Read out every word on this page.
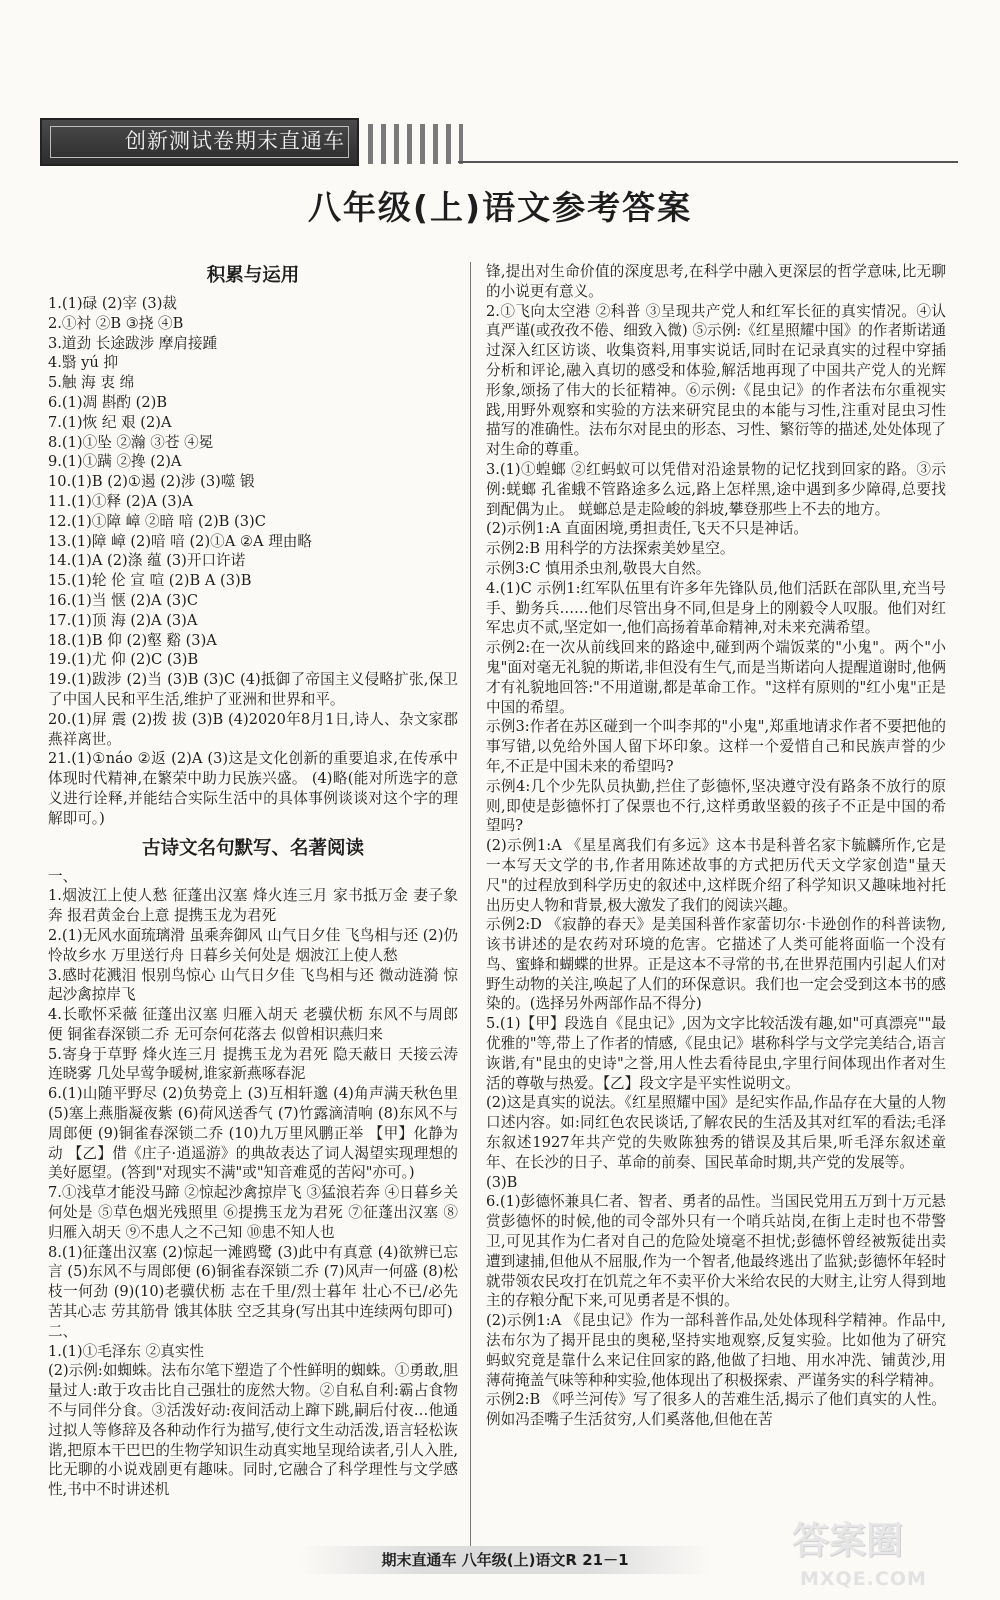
创新测试卷期末直通车
八年级(上)语文参考答案
积累与运用
1.(1)碌 (2)宰 (3)裁
2.①衬 ②B ③挠 ④B
3.道劲 长途跋涉 摩肩接踵
4.翳 yú 抑
5.触 海 衷 绵
6.(1)凋 斟酌 (2)B
7.(1)恢 纪 艰 (2)A
8.(1)①坠 ②瀚 ③苍 ④冕
9.(1)①蹒 ②搀 (2)A
10.(1)B (2)①遏 (2)涉 (3)噬 锻
11.(1)①释 (2)A (3)A
12.(1)①障 嶂 ②暗 喑 (2)B (3)C
13.(1)障 嶂 (2)喑 喑 (2)①A ②A 理由略
14.(1)A (2)涤 蕴 (3)开口许诺
15.(1)轮 伦 宣 喧 (2)B A (3)B
16.(1)当 惬 (2)A (3)C
17.(1)顶 海 (2)A (3)A
18.(1)B 仰 (2)壑 谿 (3)A
19.(1)尤 仰 (2)C (3)B
19.(1)跋涉 (2)当 (3)B (3)C (4)抵御了帝国主义侵略扩张,保卫了中国人民和平生活,维护了亚洲和世界和平。
20.(1)屏 震 (2)拨 拔 (3)B (4)2020年8月1日,诗人、杂文家郡燕祥离世。
21.(1)①náo ②返 (2)A (3)这是文化创新的重要追求,在传承中体现时代精神,在繁荣中助力民族兴盛。 (4)略(能对所选字的意义进行诠释,并能结合实际生活中的具体事例谈谈对这个字的理解即可。)
古诗文名句默写、名著阅读
一、
1.烟波江上使人愁 征蓬出汉塞 烽火连三月 家书抵万金 妻子象奔 报君黄金台上意 提携玉龙为君死
2.(1)无风水面琉璃滑 虽乘奔御风 山气日夕佳 飞鸟相与还 (2)仍怜故乡水 万里送行舟 日暮乡关何处是 烟波江上使人愁
3.感时花溅泪 恨别鸟惊心 山气日夕佳 飞鸟相与还 微动涟漪 惊起沙禽掠岸飞
4.长歌怀采薇 征蓬出汉塞 归雁入胡天 老骥伏枥 东风不与周郎便 铜雀春深锁二乔 无可奈何花落去 似曾相识燕归来
5.寄身于草野 烽火连三月 提携玉龙为君死 隐天蔽日 天接云涛连晓雾 几处早莺争暖树,谁家新燕啄春泥
6.(1)山随平野尽 (2)负势竞上 (3)互相轩邈 (4)角声满天秋色里 (5)塞上燕脂凝夜紫 (6)荷风送香气 (7)竹露滴清响 (8)东风不与周郎便 (9)铜雀春深锁二乔 (10)九万里风鹏正举 【甲】化静为动 【乙】借《庄子·逍遥游》的典故表达了词人渴望实现理想的美好愿望。(答到"对现实不满"或"知音难觅的苦闷"亦可。)
7.①浅草才能没马蹄 ②惊起沙禽掠岸飞 ③猛浪若奔 ④日暮乡关何处是 ⑤草色烟光残照里 ⑥提携玉龙为君死 ⑦征蓬出汉塞 ⑧归雁入胡天 ⑨不患人之不己知 ⑩患不知人也
8.(1)征蓬出汉塞 (2)惊起一滩鸥鹭 (3)此中有真意 (4)欲辨已忘言 (5)东风不与周郎便 (6)铜雀春深锁二乔 (7)风声一何盛 (8)松枝一何劲 (9)(10)老骥伏枥 志在千里/烈士暮年 壮心不已/必先苦其心志 劳其筋骨 饿其体肤 空乏其身(写出其中连续两句即可)
二、
1.(1)①毛泽东 ②真实性
(2)示例:如蜘蛛。法布尔笔下塑造了个性鲜明的蜘蛛。①勇敢,胆量过人:敢于攻击比自己强壮的庞然大物。②自私自利:霸占食物不与同伴分食。③活泼好动:夜间活动上蹿下跳,嗣后付夜…他通过拟人等修辞及各种动作行为描写,使行文生动活泼,语言轻松诙谐,把原本干巴巴的生物学知识生动真实地呈现给读者,引人入胜,比无聊的小说戏剧更有趣味。同时,它融合了科学理性与文学感性,书中不时讲述机
锋,提出对生命价值的深度思考,在科学中融入更深层的哲学意味,比无聊的小说更有意义。
2.①飞向太空港 ②科普 ③呈现共产党人和红军长征的真实情况。④认真严谨(或孜孜不倦、细致入微) ⑤示例:《红星照耀中国》的作者斯诺通过深入红区访谈、收集资料,用事实说话,同时在记录真实的过程中穿插分析和评论,融入真切的感受和体验,解活地再现了中国共产党人的光辉形象,颂扬了伟大的长征精神。⑥示例:《昆虫记》的作者法布尔重视实践,用野外观察和实验的方法来研究昆虫的本能与习性,注重对昆虫习性描写的准确性。法布尔对昆虫的形态、习性、繁衍等的描述,处处体现了对生命的尊重。
3.(1)①蝗螂 ②红蚂蚁可以凭借对沿途景物的记忆找到回家的路。③示例:蜣螂 孔雀蛾不管路途多么远,路上怎样黑,途中遇到多少障碍,总要找到配偶为止。 蜣螂总是走险峻的斜坡,攀登那些上不去的地方。
(2)示例1:A 直面困境,勇担责任,飞天不只是神话。
示例2:B 用科学的方法探索美妙星空。
示例3:C 慎用杀虫剂,敬畏大自然。
4.(1)C 示例1:红军队伍里有许多年先锋队员,他们活跃在部队里,充当号手、勤务兵……他们尽管出身不同,但是身上的刚毅令人叹服。他们对红军忠贞不贰,坚定如一,他们高扬着革命精神,对未来充满希望。
示例2:在一次从前线回来的路途中,碰到两个端饭菜的"小鬼"。两个"小鬼"面对毫无礼貌的斯诺,非但没有生气,而是当斯诺向人提醒道谢时,他俩才有礼貌地回答:"不用道谢,都是革命工作。"这样有原则的"红小鬼"正是中国的希望。
示例3:作者在苏区碰到一个叫李邦的"小鬼",郑重地请求作者不要把他的事写错,以免给外国人留下坏印象。这样一个爱惜自己和民族声誉的少年,不正是中国未来的希望吗?
示例4:几个少先队员执勤,拦住了彭德怀,坚决遵守没有路条不放行的原则,即使是彭德怀打了保票也不行,这样勇敢坚毅的孩子不正是中国的希望吗?
(2)示例1:A 《星星离我们有多远》这本书是科普名家卞毓麟所作,它是一本写天文学的书,作者用陈述故事的方式把历代天文学家创造"量天尺"的过程放到科学历史的叙述中,这样既介绍了科学知识又趣味地衬托出历史人物和背景,极大激发了我们的阅读兴趣。
示例2:D 《寂静的春天》是美国科普作家蕾切尔·卡逊创作的科普读物,该书讲述的是农药对环境的危害。它描述了人类可能将面临一个没有鸟、蜜蜂和蝴蝶的世界。正是这本不寻常的书,在世界范围内引起人们对野生动物的关注,唤起了人们的环保意识。我们也一定会受到这本书的感染的。(选择另外两部作品不得分)
5.(1)【甲】段选自《昆虫记》,因为文字比较活泼有趣,如"可真漂亮""最优雅的"等,带上了作者的情感,《昆虫记》堪称科学与文学完美结合,语言诙谐,有"昆虫的史诗"之誉,用人性去看待昆虫,字里行间体现出作者对生活的尊敬与热爱。【乙】段文字是平实性说明文。
(2)这是真实的说法。《红星照耀中国》是纪实作品,作品存在大量的人物口述内容。如:同红色农民谈话,了解农民的生活及其对红军的看法;毛泽东叙述1927年共产党的失败陈独秀的错误及其后果,听毛泽东叙述童年、在长沙的日子、革命的前奏、国民革命时期,共产党的发展等。
(3)B
6.(1)彭德怀兼具仁者、智者、勇者的品性。当国民党用五万到十万元悬赏彭德怀的时候,他的司令部外只有一个哨兵站岗,在街上走时也不带警卫,可见其作为仁者对自己的危险处境毫不担忧;彭德怀曾经被叛徒出卖遭到逮捕,但他从不屈服,作为一个智者,他最终逃出了监狱;彭德怀年轻时就带领农民攻打在饥荒之年不卖平价大米给农民的大财主,让穷人得到地主的存粮分配下来,可见勇者是不惧的。
(2)示例1:A 《昆虫记》作为一部科普作品,处处体现科学精神。作品中,法布尔为了揭开昆虫的奥秘,坚持实地观察,反复实验。比如他为了研究蚂蚁究竟是靠什么来记住回家的路,他做了扫地、用水冲洗、铺黄沙,用薄荷掩盖气味等种种实验,他体现出了积极探索、严谨务实的科学精神。
示例2:B 《呼兰河传》写了很多人的苦难生活,揭示了他们真实的人性。例如冯歪嘴子生活贫穷,人们奚落他,但他在苦
期末直通车 八年级(上)语文R 21－1	答案圈
MXQE.COM
